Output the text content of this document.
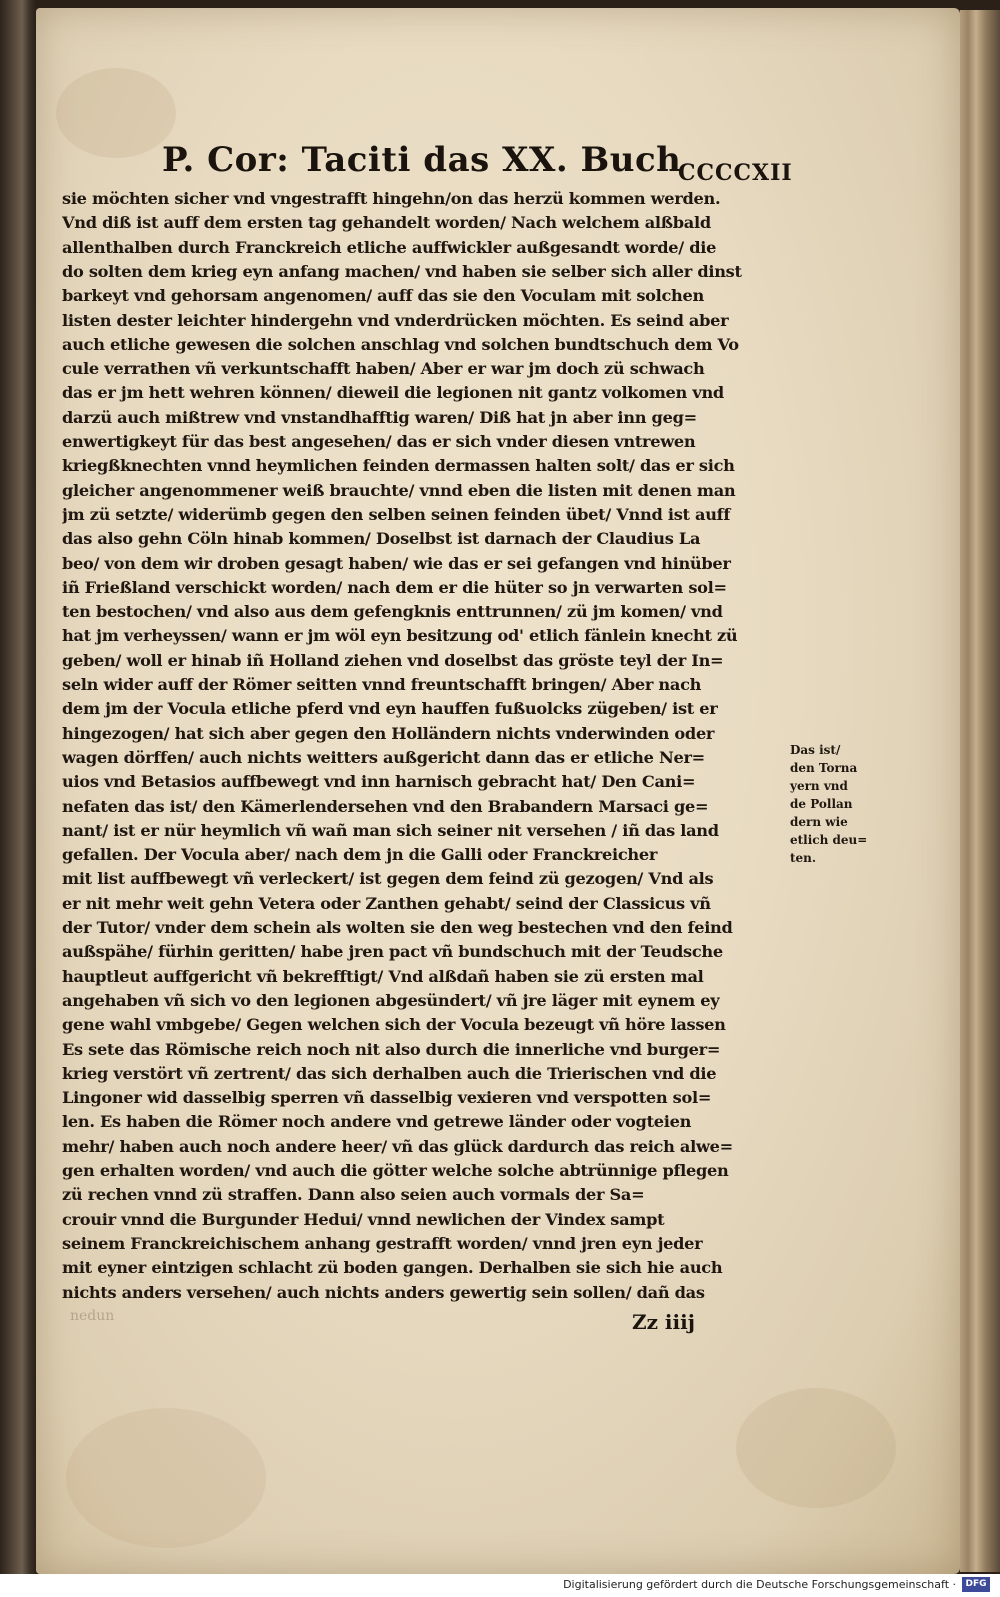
P. Cor: Taciti das XX. Buch
CCCCXII
sie möchten sicher vnd vngestrafft hingehn/on das herzü kommen werden.
Vnd diß ist auff dem ersten tag gehandelt worden/ Nach welchem alßbald
allenthalben durch Franckreich etliche auffwickler außgesandt worde/ die
do solten dem krieg eyn anfang machen/ vnd haben sie selber sich aller dinst
barkeyt vnd gehorsam angenomen/ auff das sie den Voculam mit solchen
listen dester leichter hindergehn vnd vnderdrücken möchten. Es seind aber
auch etliche gewesen die solchen anschlag vnd solchen bundtschuch dem Vo
cule verrathen vñ verkuntschafft haben/ Aber er war jm doch zü schwach
das er jm hett wehren können/ dieweil die legionen nit gantz volkomen vnd
darzü auch mißtrew vnd vnstandhafftig waren/ Diß hat jn aber inn geg=
enwertigkeyt für das best angesehen/ das er sich vnder diesen vntrewen
kriegßknechten vnnd heymlichen feinden dermassen halten solt/ das er sich
gleicher angenommener weiß brauchte/ vnnd eben die listen mit denen man
jm zü setzte/ widerümb gegen den selben seinen feinden übet/ Vnnd ist auff
das also gehn Cöln hinab kommen/ Doselbst ist darnach der Claudius La
beo/ von dem wir droben gesagt haben/ wie das er sei gefangen vnd hinüber
iñ Frießland verschickt worden/ nach dem er die hüter so jn verwarten sol=
ten bestochen/ vnd also aus dem gefengknis enttrunnen/ zü jm komen/ vnd
hat jm verheyssen/ wann er jm wöl eyn besitzung od' etlich fänlein knecht zü
geben/ woll er hinab iñ Holland ziehen vnd doselbst das gröste teyl der In=
seln wider auff der Römer seitten vnnd freuntschafft bringen/ Aber nach
dem jm der Vocula etliche pferd vnd eyn hauffen fußuolcks zügeben/ ist er
hingezogen/ hat sich aber gegen den Holländern nichts vnderwinden oder
wagen dörffen/ auch nichts weitters außgericht dann das er etliche Ner=
uios vnd Betasios auffbewegt vnd inn harnisch gebracht hat/ Den Cani=
nefaten das ist/ den Kämerlendersehen vnd den Brabandern Marsaci ge=
nant/ ist er nür heymlich vñ wañ man sich seiner nit versehen / iñ das land
gefallen. Der Vocula aber/ nach dem jn die Galli oder Franckreicher
mit list auffbewegt vñ verleckert/ ist gegen dem feind zü gezogen/ Vnd als
er nit mehr weit gehn Vetera oder Zanthen gehabt/ seind der Classicus vñ
der Tutor/ vnder dem schein als wolten sie den weg bestechen vnd den feind
außspähe/ fürhin geritten/ habe jren pact vñ bundschuch mit der Teudsche
hauptleut auffgericht vñ bekrefftigt/ Vnd alßdañ haben sie zü ersten mal
angehaben vñ sich vo den legionen abgesündert/ vñ jre läger mit eynem ey
gene wahl vmbgebe/ Gegen welchen sich der Vocula bezeugt vñ höre lassen
Es sete das Römische reich noch nit also durch die innerliche vnd burger=
krieg verstört vñ zertrent/ das sich derhalben auch die Trierischen vnd die
Lingoner wid dasselbig sperren vñ dasselbig vexieren vnd verspotten sol=
len. Es haben die Römer noch andere vnd getrewe länder oder vogteien
mehr/ haben auch noch andere heer/ vñ das glück dardurch das reich alwe=
gen erhalten worden/ vnd auch die götter welche solche abtrünnige pflegen
zü rechen vnnd zü straffen. Dann also seien auch vormals der Sa=
crouir vnnd die Burgunder Hedui/ vnnd newlichen der Vindex sampt
seinem Franckreichischem anhang gestrafft worden/ vnnd jren eyn jeder
mit eyner eintzigen schlacht zü boden gangen. Derhalben sie sich hie auch
nichts anders versehen/ auch nichts anders gewertig sein sollen/ dañ das
Das ist/
den Torna
yern vnd
de Pollan
dern wie
etlich deu=
ten.
nedun	Zz iiij
Digitalisierung gefördert durch die Deutsche Forschungsgemeinschaft ·	DFG
